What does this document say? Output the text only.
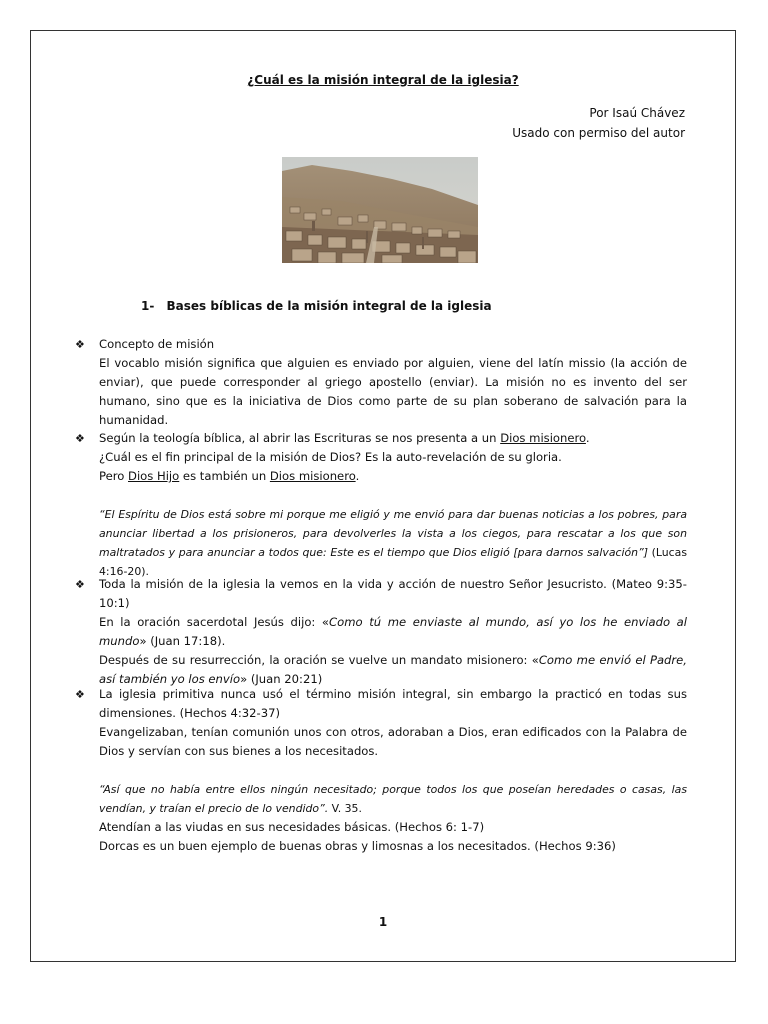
¿Cuál es la misión integral de la iglesia?
Por Isaú Chávez
Usado con permiso del autor
1- Bases bíblicas de la misión integral de la iglesia
❖ Concepto de misión

El vocablo misión significa que alguien es enviado por alguien, viene del latín missio (la acción de enviar), que puede corresponder al griego apostello (enviar). La misión no es invento del ser humano, sino que es la iniciativa de Dios como parte de su plan soberano de salvación para la humanidad.

❖ Según la teología bíblica, al abrir las Escrituras se nos presenta a un Dios misionero.

¿Cuál es el fin principal de la misión de Dios? Es la auto-revelación de su gloria.

Pero Dios Hijo es también un Dios misionero.

“El Espíritu de Dios está sobre mi porque me eligió y me envió para dar buenas noticias a los pobres, para anunciar libertad a los prisioneros, para devolverles la vista a los ciegos, para rescatar a los que son maltratados y para anunciar a todos que: Este es el tiempo que Dios eligió [para darnos salvación”] (Lucas 4:16-20).

❖ Toda la misión de la iglesia la vemos en la vida y acción de nuestro Señor Jesucristo. (Mateo 9:35-10:1)

En la oración sacerdotal Jesús dijo: «Como tú me enviaste al mundo, así yo los he enviado al mundo» (Juan 17:18).

Después de su resurrección, la oración se vuelve un mandato misionero: «Como me envió el Padre, así también yo los envío» (Juan 20:21)

❖ La iglesia primitiva nunca usó el término misión integral, sin embargo la practicó en todas sus dimensiones. (Hechos 4:32-37)

Evangelizaban, tenían comunión unos con otros, adoraban a Dios, eran edificados con la Palabra de Dios y servían con sus bienes a los necesitados.

“Así que no había entre ellos ningún necesitado; porque todos los que poseían heredades o casas, las vendían, y traían el precio de lo vendido”. V. 35.

Atendían a las viudas en sus necesidades básicas. (Hechos 6: 1-7)

Dorcas es un buen ejemplo de buenas obras y limosnas a los necesitados. (Hechos 9:36)

1
